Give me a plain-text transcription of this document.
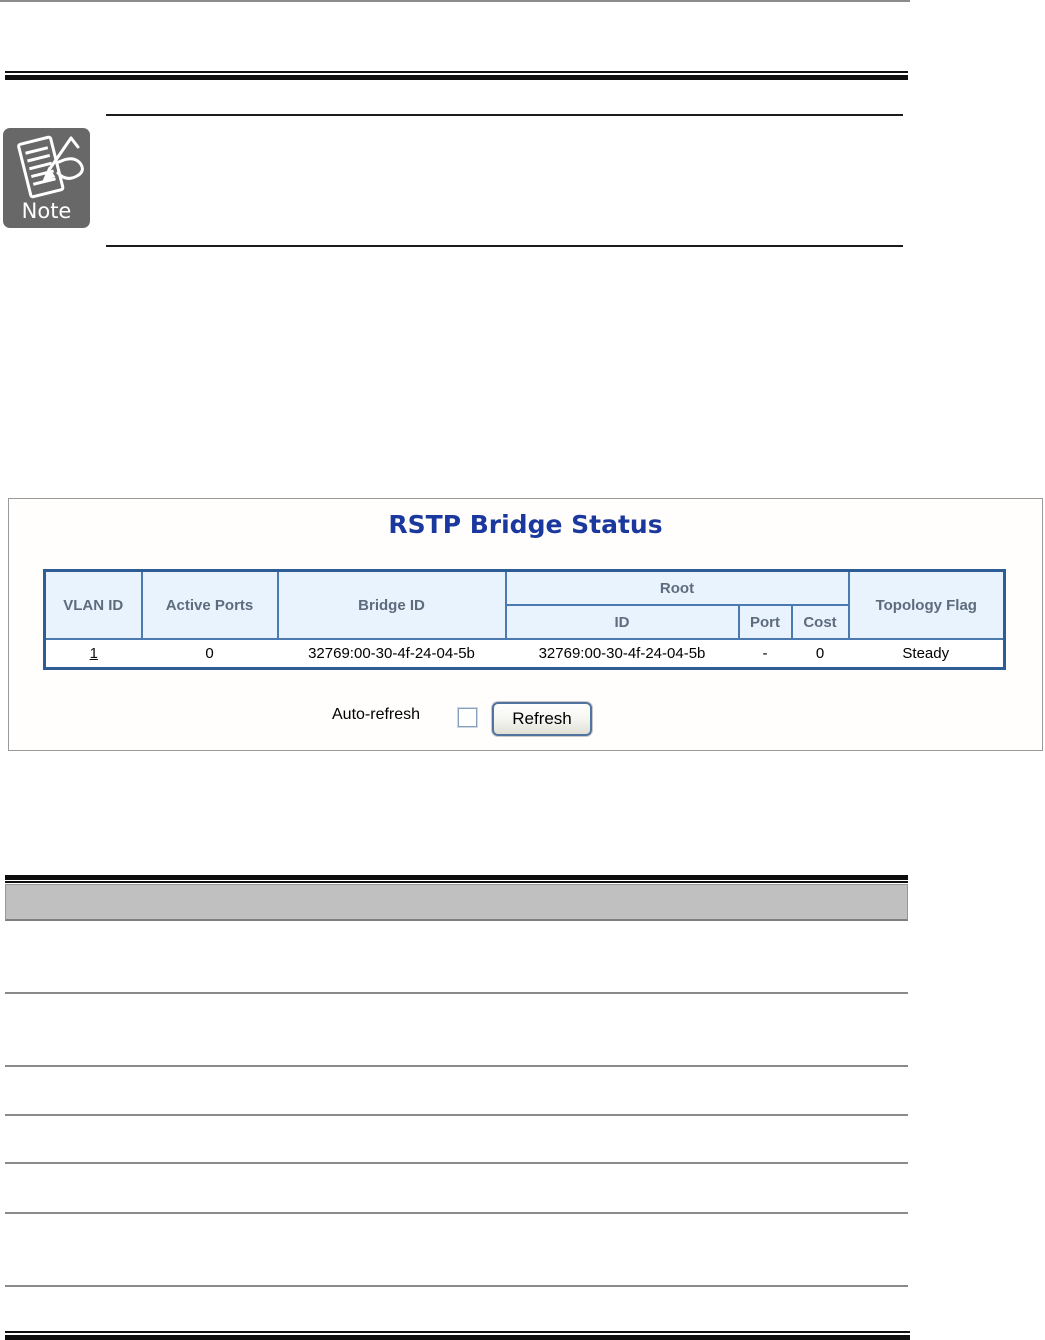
Note
RSTP Bridge Status
VLAN ID	Active Ports	Bridge ID	Root			Topology Flag
			ID	Port	Cost	
1	0	32769:00-30-4f-24-04-5b	32769:00-30-4f-24-04-5b	-	0	Steady
Auto-refresh	Refresh
